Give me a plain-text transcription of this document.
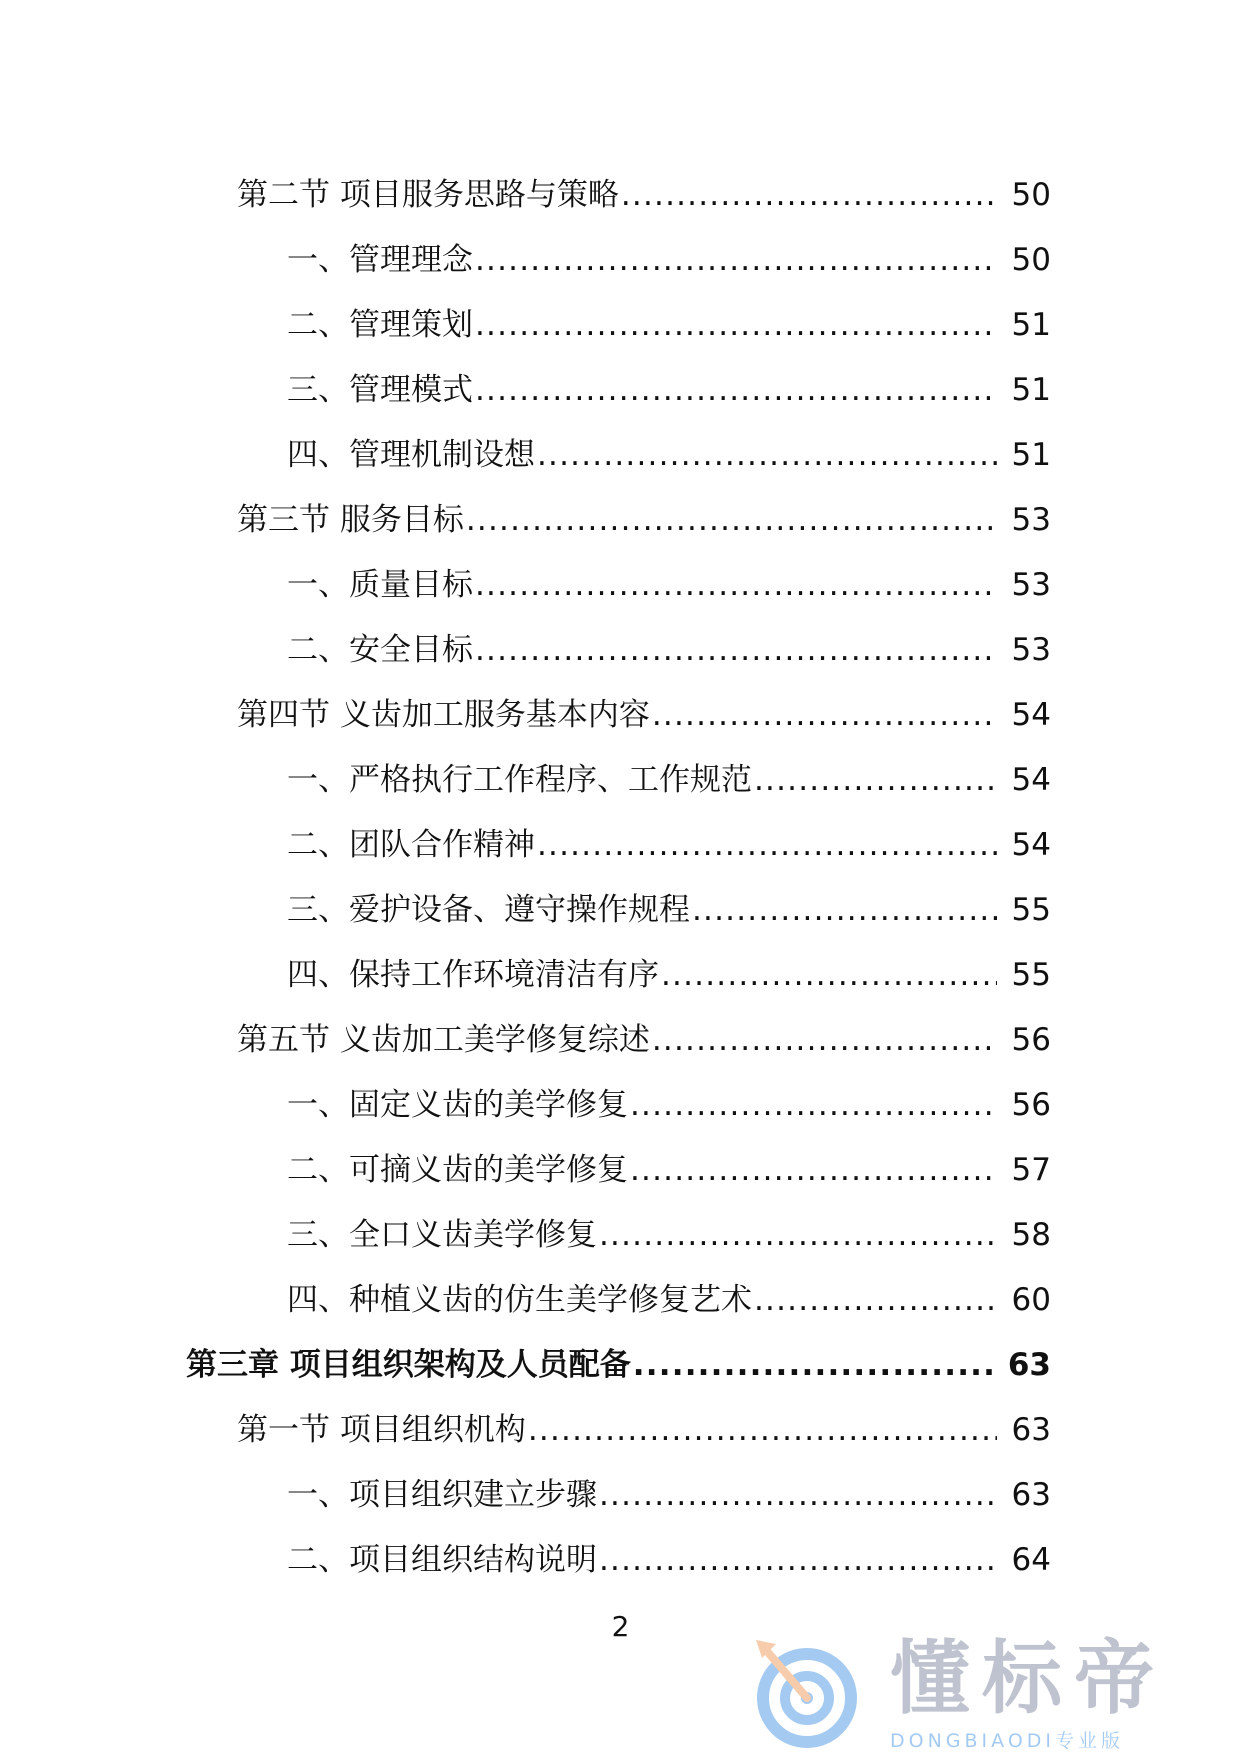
第二节 项目服务思路与策略 .....	50
一、管理理念 .....	50
二、管理策划 .....	51
三、管理模式 .....	51
四、管理机制设想 .....	51
第三节 服务目标 .....	53
一、质量目标 .....	53
二、安全目标 .....	53
第四节 义齿加工服务基本内容 .....	54
一、严格执行工作程序、工作规范 .....	54
二、团队合作精神 .....	54
三、爱护设备、遵守操作规程 .....	55
四、保持工作环境清洁有序 .....	55
第五节 义齿加工美学修复综述 .....	56
一、固定义齿的美学修复 .....	56
二、可摘义齿的美学修复 .....	57
三、全口义齿美学修复 .....	58
四、种植义齿的仿生美学修复艺术 .....	60
第三章 项目组织架构及人员配备 .....	63
第一节 项目组织机构 .....	63
一、项目组织建立步骤 .....	63
二、项目组织结构说明 .....	64
2
懂标帝
DONGBIAODI专业版
